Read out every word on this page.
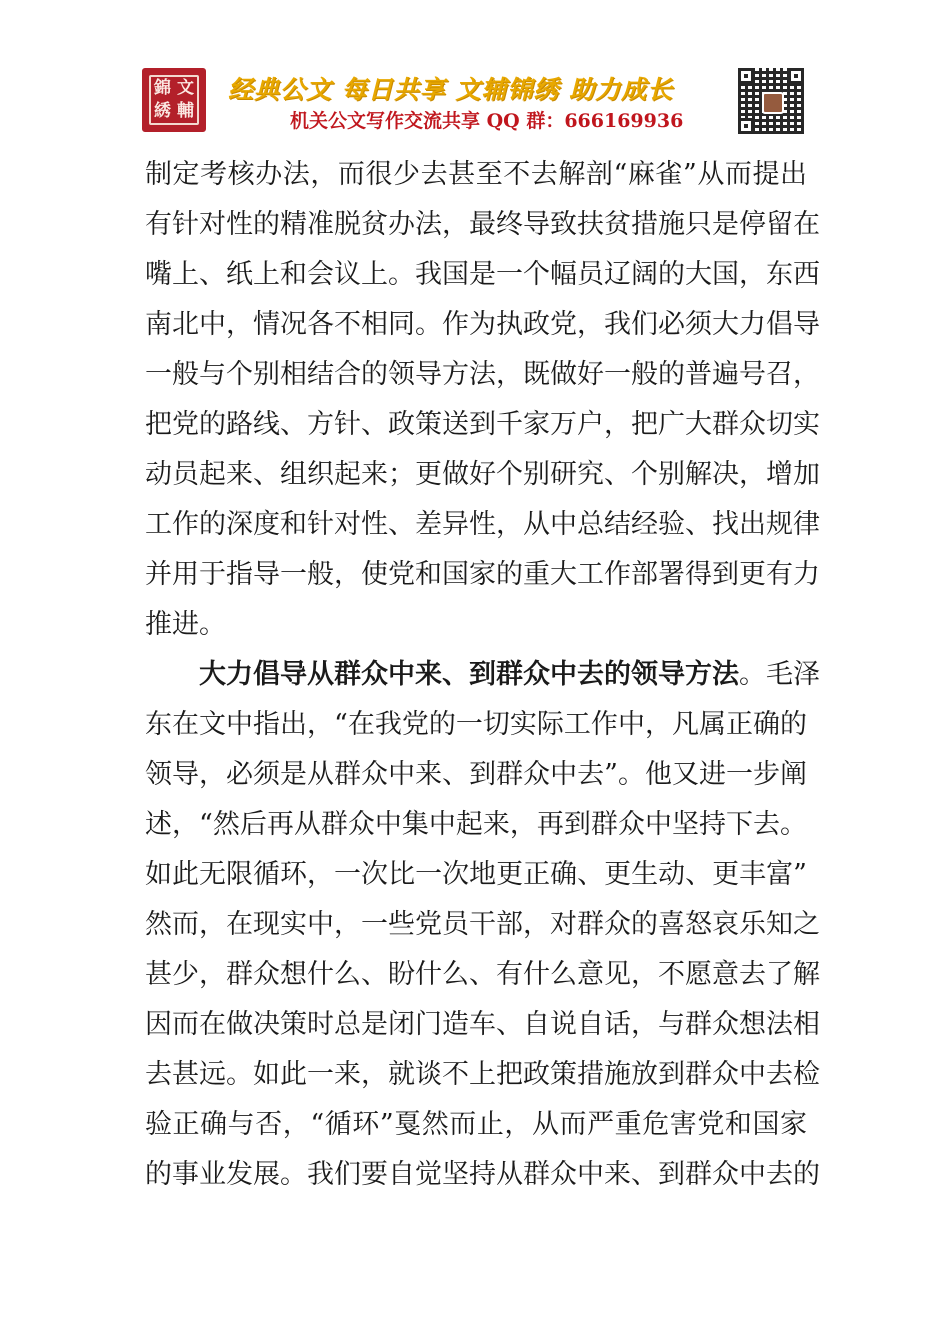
錦 文
綉 輔
经典公文 每日共享 文辅锦绣 助力成长
机关公文写作交流共享 QQ 群：666169936
制定考核办法，而很少去甚至不去解剖“麻雀”从而提出
有针对性的精准脱贫办法，最终导致扶贫措施只是停留在
嘴上、纸上和会议上。我国是一个幅员辽阔的大国，东西
南北中，情况各不相同。作为执政党，我们必须大力倡导
一般与个别相结合的领导方法，既做好一般的普遍号召，
把党的路线、方针、政策送到千家万户，把广大群众切实
动员起来、组织起来；更做好个别研究、个别解决，增加
工作的深度和针对性、差异性，从中总结经验、找出规律
并用于指导一般，使党和国家的重大工作部署得到更有力
推进。
大力倡导从群众中来、到群众中去的领导方法。毛泽
东在文中指出，“在我党的一切实际工作中，凡属正确的
领导，必须是从群众中来、到群众中去”。他又进一步阐
述，“然后再从群众中集中起来，再到群众中坚持下去。
如此无限循环，一次比一次地更正确、更生动、更丰富”
然而，在现实中，一些党员干部，对群众的喜怒哀乐知之
甚少，群众想什么、盼什么、有什么意见，不愿意去了解
因而在做决策时总是闭门造车、自说自话，与群众想法相
去甚远。如此一来，就谈不上把政策措施放到群众中去检
验正确与否，“循环”戛然而止，从而严重危害党和国家
的事业发展。我们要自觉坚持从群众中来、到群众中去的
